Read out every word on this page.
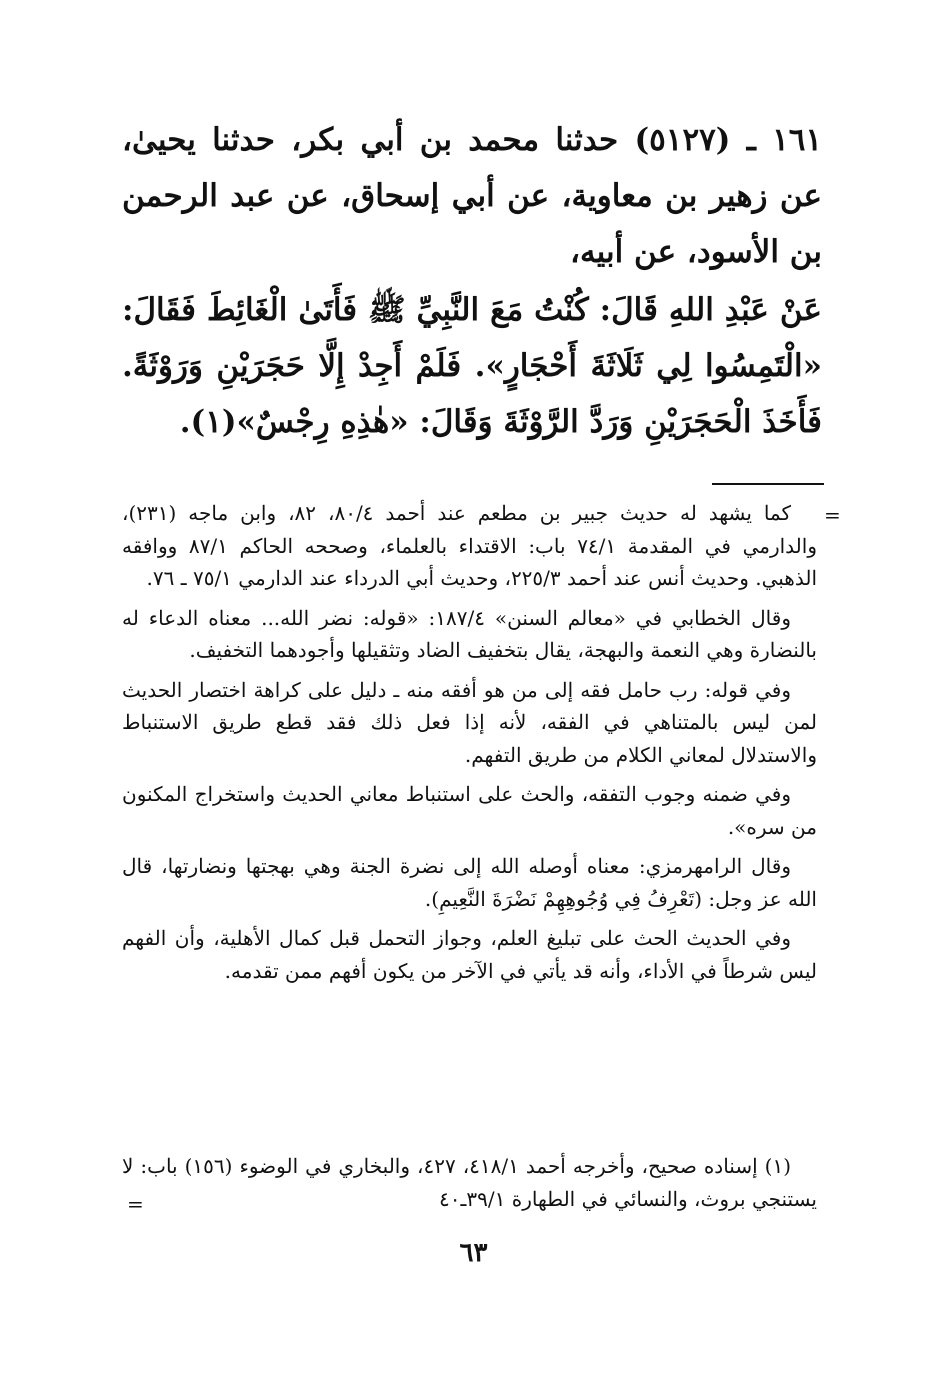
١٦١ ـ (٥١٢٧) حدثنا محمد بن أبي بكر، حدثنا يحيىٰ، عن زهير بن معاوية، عن أبي إسحاق، عن عبد الرحمن بن الأسود، عن أبيه،

عَنْ عَبْدِ اللهِ قَالَ: كُنْتُ مَعَ النَّبِيِّ ﷺ فَأَتَىٰ الْغَائِطَ فَقَالَ: «الْتَمِسُوا لِي ثَلَاثَةَ أَحْجَارٍ». فَلَمْ أَجِدْ إِلَّا حَجَرَيْنِ وَرَوْثَةً. فَأَخَذَ الْحَجَرَيْنِ وَرَدَّ الرَّوْثَةَ وَقَالَ: «هٰذِهِ رِجْسٌ»(١).

=

كما يشهد له حديث جبير بن مطعم عند أحمد ٨٠/٤، ٨٢، وابن ماجه (٢٣١)، والدارمي في المقدمة ٧٤/١ باب: الاقتداء بالعلماء، وصححه الحاكم ٨٧/١ ووافقه الذهبي. وحديث أنس عند أحمد ٢٢٥/٣، وحديث أبي الدرداء عند الدارمي ٧٥/١ ـ ٧٦.

وقال الخطابي في «معالم السنن» ١٨٧/٤: «قوله: نضر الله... معناه الدعاء له بالنضارة وهي النعمة والبهجة، يقال بتخفيف الضاد وتثقيلها وأجودهما التخفيف.

وفي قوله: رب حامل فقه إلى من هو أفقه منه ـ دليل على كراهة اختصار الحديث لمن ليس بالمتناهي في الفقه، لأنه إذا فعل ذلك فقد قطع طريق الاستنباط والاستدلال لمعاني الكلام من طريق التفهم.

وفي ضمنه وجوب التفقه، والحث على استنباط معاني الحديث واستخراج المكنون من سره».

وقال الرامهرمزي: معناه أوصله الله إلى نضرة الجنة وهي بهجتها ونضارتها، قال الله عز وجل: (تَعْرِفُ فِي وُجُوهِهِمْ نَضْرَةَ النَّعِيمِ).

وفي الحديث الحث على تبليغ العلم، وجواز التحمل قبل كمال الأهلية، وأن الفهم ليس شرطاً في الأداء، وأنه قد يأتي في الآخر من يكون أفهم ممن تقدمه.

(١) إسناده صحيح، وأخرجه أحمد ٤١٨/١، ٤٢٧، والبخاري في الوضوء (١٥٦) باب: لا يستنجي بروث، والنسائي في الطهارة ٣٩/١ـ٤٠

=
٦٣
